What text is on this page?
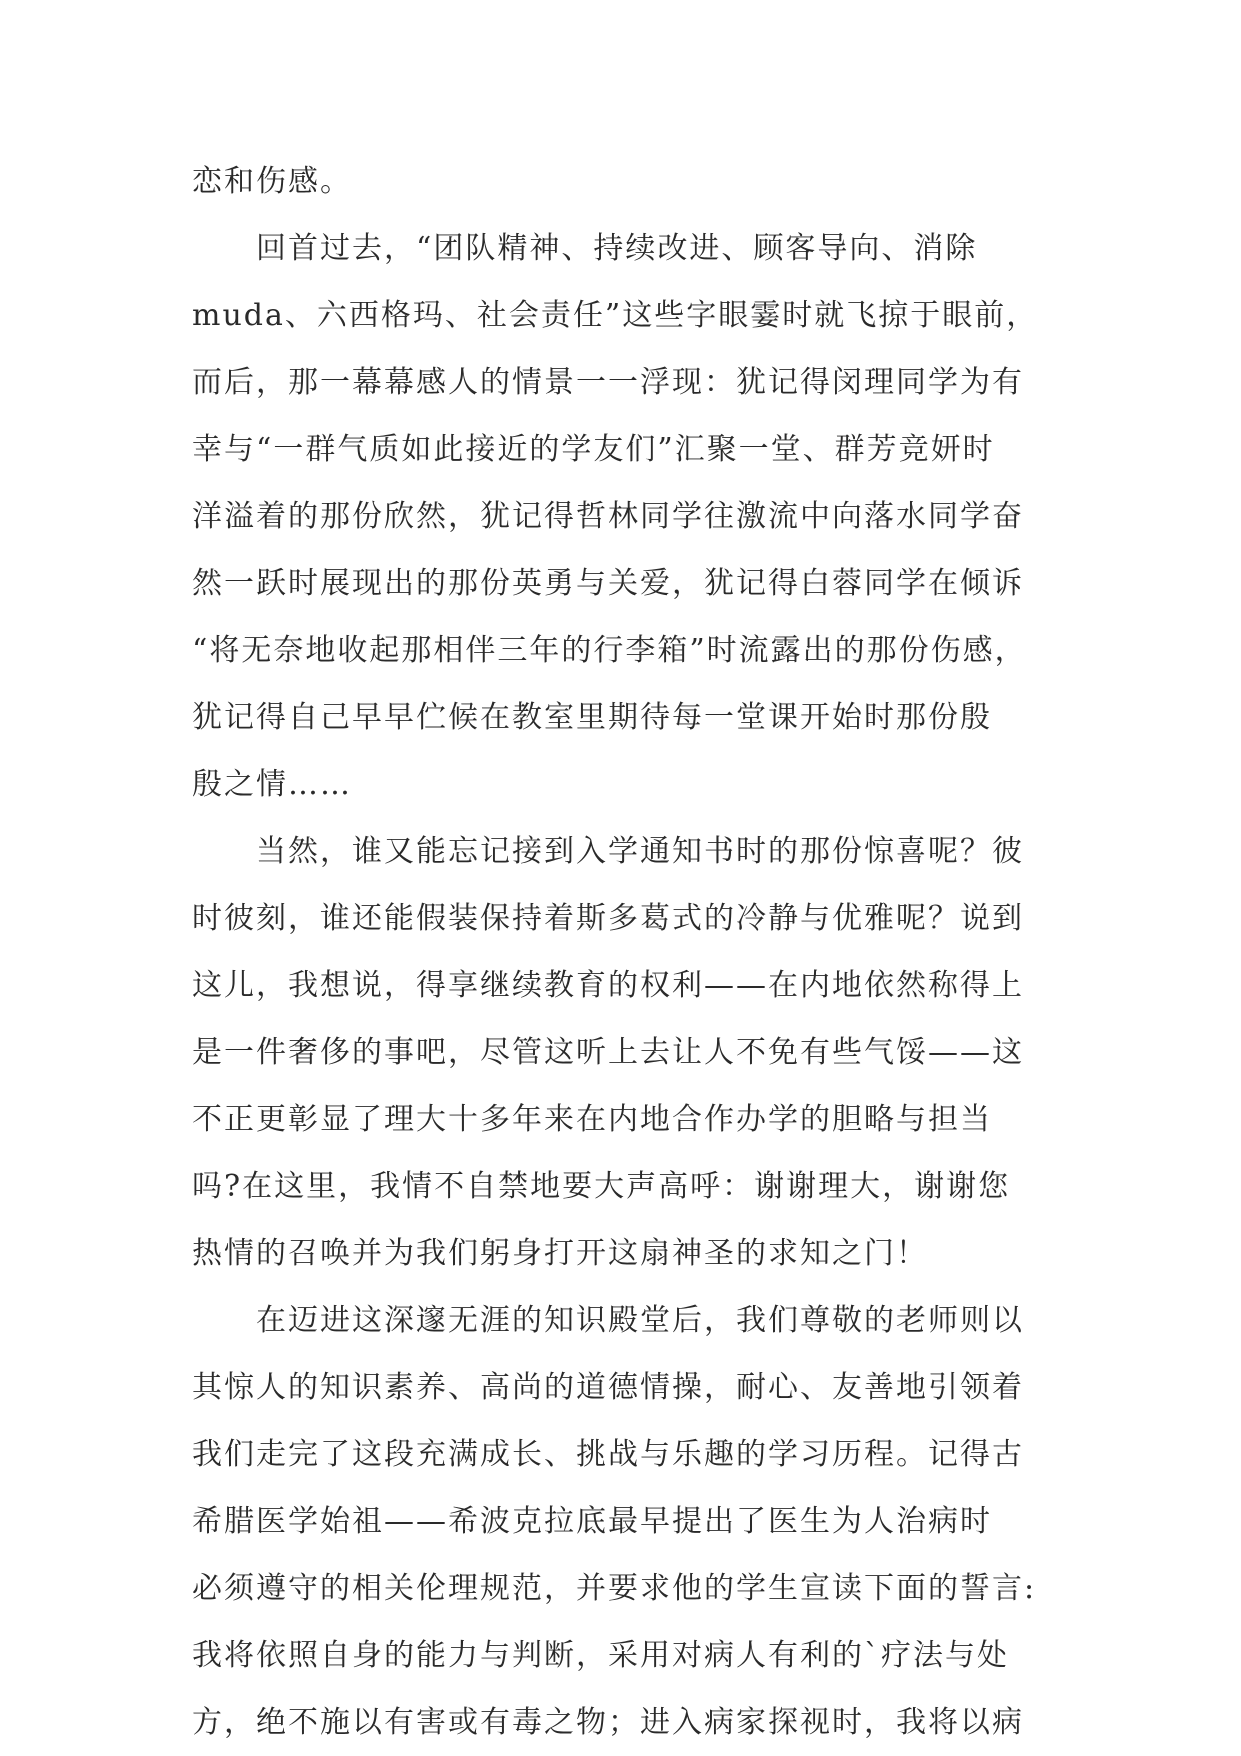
恋和伤感。
回首过去，“团队精神、持续改进、顾客导向、消除
muda、六西格玛、社会责任”这些字眼霎时就飞掠于眼前，
而后，那一幕幕感人的情景一一浮现：犹记得闵理同学为有
幸与“一群气质如此接近的学友们”汇聚一堂、群芳竞妍时
洋溢着的那份欣然，犹记得哲林同学往激流中向落水同学奋
然一跃时展现出的那份英勇与关爱，犹记得白蓉同学在倾诉
“将无奈地收起那相伴三年的行李箱”时流露出的那份伤感，
犹记得自己早早伫候在教室里期待每一堂课开始时那份殷
殷之情……
当然，谁又能忘记接到入学通知书时的那份惊喜呢？彼
时彼刻，谁还能假装保持着斯多葛式的冷静与优雅呢？说到
这儿，我想说，得享继续教育的权利——在内地依然称得上
是一件奢侈的事吧，尽管这听上去让人不免有些气馁——这
不正更彰显了理大十多年来在内地合作办学的胆略与担当
吗?在这里，我情不自禁地要大声高呼：谢谢理大，谢谢您
热情的召唤并为我们躬身打开这扇神圣的求知之门！
在迈进这深邃无涯的知识殿堂后，我们尊敬的老师则以
其惊人的知识素养、高尚的道德情操，耐心、友善地引领着
我们走完了这段充满成长、挑战与乐趣的学习历程。记得古
希腊医学始祖——希波克拉底最早提出了医生为人治病时
必须遵守的相关伦理规范，并要求他的学生宣读下面的誓言:
我将依照自身的能力与判断，采用对病人有利的`疗法与处
方，绝不施以有害或有毒之物；进入病家探视时，我将以病
